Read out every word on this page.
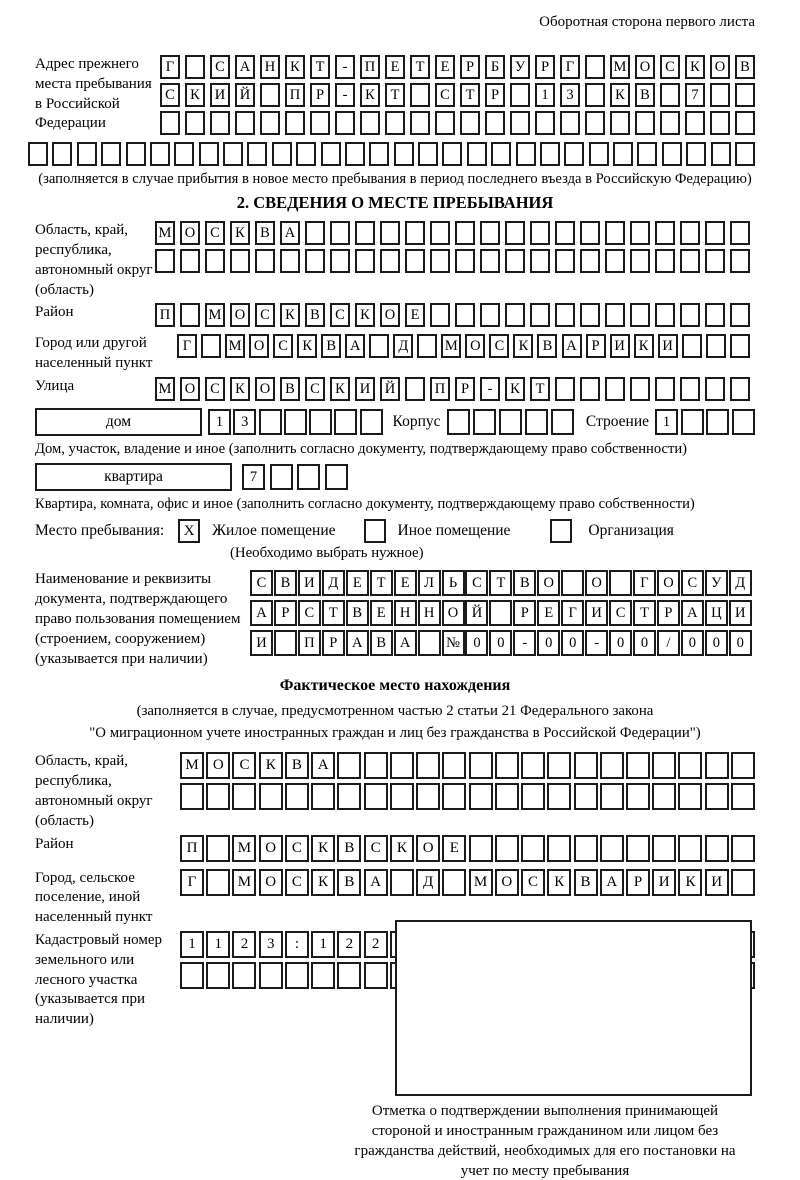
Оборотная сторона первого листа
Адрес прежнего места пребывания в Российской Федерации
Г	С	А	Н	К	Т	-	П	Е	Т	Е	Р	Б	У	Р	Г	М О	С	К	О	В
С	К	И	Й	П	Р	-	К	Т	С	Т	Р	1	3	К	В	7
(заполняется в случае прибытия в новое место пребывания в период последнего въезда в Российскую Федерацию)
2. СВЕДЕНИЯ О МЕСТЕ ПРЕБЫВАНИЯ
Область, край, республика, автономный округ (область)
М О	С	К	В	А
Район	П	М О	С	К	В	С	К	О	Е
Город или другой населенный пункт
Г	М О С К В А	Д	М О С К В А	Р	И К И
Улица	М О	С	К	О	В	С	К	И	Й	П	Р	-	К	Т
дом	1	3	Корпус	Строение 1
Дом, участок, владение и иное (заполнить согласно документу, подтверждающему право собственности)
квартира	7
Квартира, комната, офис и иное (заполнить согласно документу, подтверждающему право собственности)
Место пребывания:	X	Жилое помещение	Иное помещение	Организация
(Необходимо выбрать нужное)
Наименование и реквизиты документа, подтверждающего право пользования помещением (строением, сооружением) (указывается при наличии)
С В И Д	Е	Т	Е	Л	Ь	С	Т	В О	О	Г	О С У Д
А	Р	С	Т	В	Е Н Н О Й	Р	Е	Г	И С	Т	Р	А Ц И
И	П	Р	А В А	№ 0	0	-	0	0	-	0	0	/	0	0	0
Фактическое место нахождения
(заполняется в случае, предусмотренном частью 2 статьи 21 Федерального закона
"О миграционном учете иностранных граждан и лиц без гражданства в Российской Федерации")
Область, край, республика, автономный округ (область)
М О	С	К	В	А
Район	П	М О	С	К	В	С	К	О	Е
Город, сельское поселение, иной населенный пункт
Г	М О	С	К	В	А	Д	М О	С	К	В	А	Р	И	К	И
Кадастровый номер земельного или лесного участка (указывается при наличии)
1	1	2	3	:	1	2	2
Отметка о подтверждении выполнения принимающей стороной и иностранным гражданином или лицом без гражданства действий, необходимых для его постановки на учет по месту пребывания
